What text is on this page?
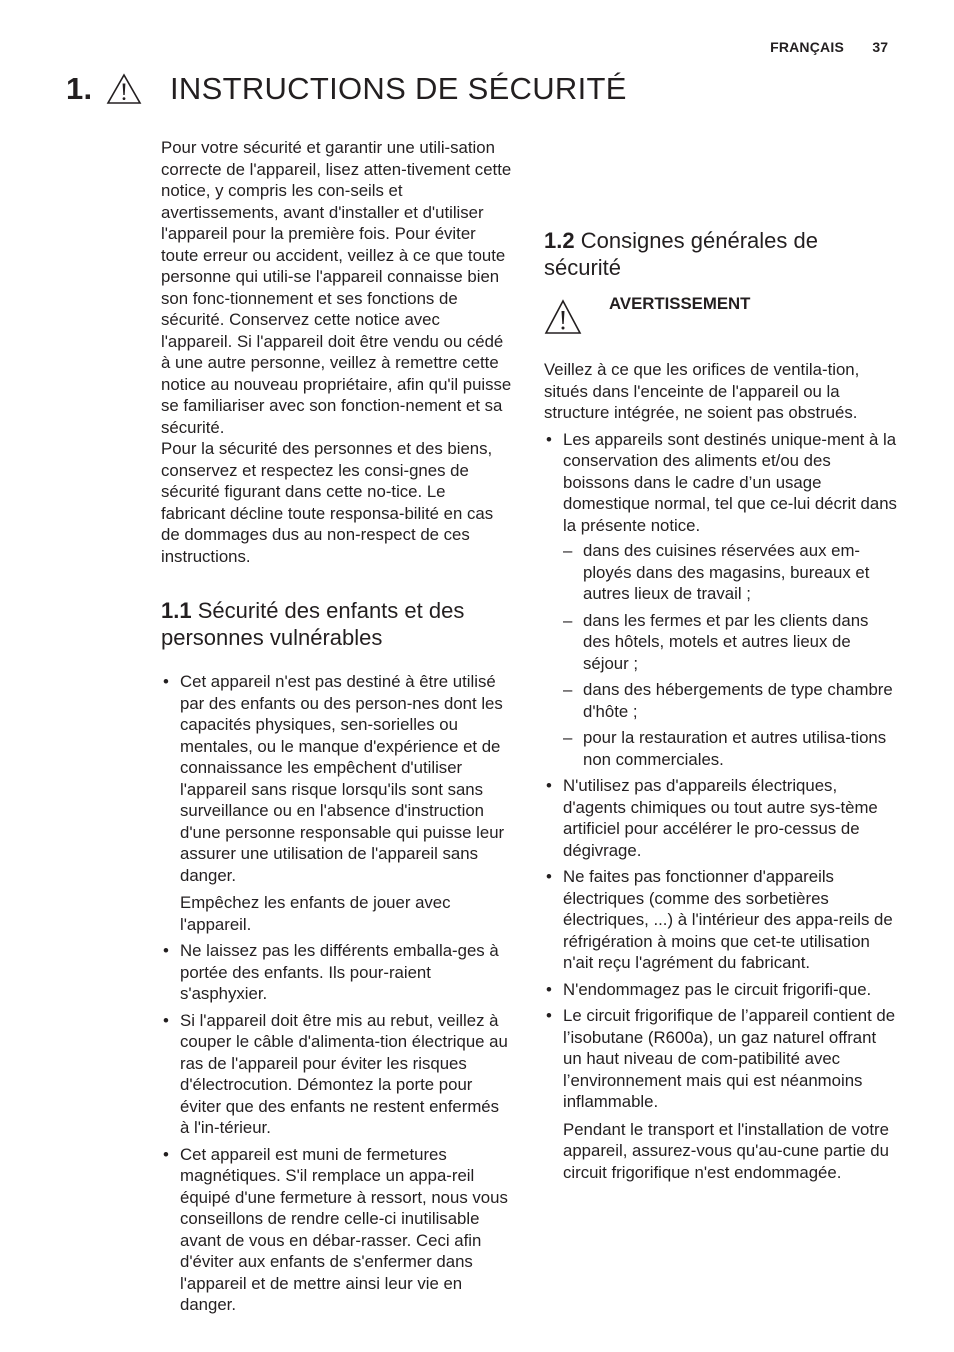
FRANÇAIS	37
1.	INSTRUCTIONS DE SÉCURITÉ

Pour votre sécurité et garantir une utili-sation correcte de l'appareil, lisez atten-tivement cette notice, y compris les con-seils et avertissements, avant d'installer et d'utiliser l'appareil pour la première fois. Pour éviter toute erreur ou accident, veillez à ce que toute personne qui utili-se l'appareil connaisse bien son fonc-tionnement et ses fonctions de sécurité. Conservez cette notice avec l'appareil. Si l'appareil doit être vendu ou cédé à une autre personne, veillez à remettre cette notice au nouveau propriétaire, afin qu'il puisse se familiariser avec son fonction-nement et sa sécurité.

Pour la sécurité des personnes et des biens, conservez et respectez les consi-gnes de sécurité figurant dans cette no-tice. Le fabricant décline toute responsa-bilité en cas de dommages dus au non-respect de ces instructions.

1.1 Sécurité des enfants et des personnes vulnérables

• Cet appareil n'est pas destiné à être utilisé par des enfants ou des person-nes dont les capacités physiques, sen-sorielles ou mentales, ou le manque d'expérience et de connaissance les empêchent d'utiliser l'appareil sans risque lorsqu'ils sont sans surveillance ou en l'absence d'instruction d'une personne responsable qui puisse leur assurer une utilisation de l'appareil sans danger.

Empêchez les enfants de jouer avec l'appareil.

• Ne laissez pas les différents emballa-ges à portée des enfants. Ils pour-raient s'asphyxier.

• Si l'appareil doit être mis au rebut, veillez à couper le câble d'alimenta-tion électrique au ras de l'appareil pour éviter les risques d'électrocution. Démontez la porte pour éviter que des enfants ne restent enfermés à l'in-térieur.

• Cet appareil est muni de fermetures magnétiques. S'il remplace un appa-reil équipé d'une fermeture à ressort, nous vous conseillons de rendre celle-ci inutilisable avant de vous en débar-rasser. Ceci afin d'éviter aux enfants de s'enfermer dans l'appareil et de mettre ainsi leur vie en danger.

1.2 Consignes générales de sécurité
AVERTISSEMENT

Veillez à ce que les orifices de ventila-tion, situés dans l'enceinte de l'appareil ou la structure intégrée, ne soient pas obstrués.

• Les appareils sont destinés unique-ment à la conservation des aliments et/ou des boissons dans le cadre d’un usage domestique normal, tel que ce-lui décrit dans la présente notice.

– dans des cuisines réservées aux em-ployés dans des magasins, bureaux et autres lieux de travail ;
– dans les fermes et par les clients dans des hôtels, motels et autres lieux de séjour ;
– dans des hébergements de type chambre d'hôte ;
– pour la restauration et autres utilisa-tions non commerciales.

• N'utilisez pas d'appareils électriques, d'agents chimiques ou tout autre sys-tème artificiel pour accélérer le pro-cessus de dégivrage.

• Ne faites pas fonctionner d'appareils électriques (comme des sorbetières électriques, ...) à l'intérieur des appa-reils de réfrigération à moins que cet-te utilisation n'ait reçu l'agrément du fabricant.

• N'endommagez pas le circuit frigorifi-que.

• Le circuit frigorifique de l’appareil contient de l’isobutane (R600a), un gaz naturel offrant un haut niveau de com-patibilité avec l’environnement mais qui est néanmoins inflammable.

Pendant le transport et l'installation de votre appareil, assurez-vous qu'au-cune partie du circuit frigorifique n'est endommagée.
